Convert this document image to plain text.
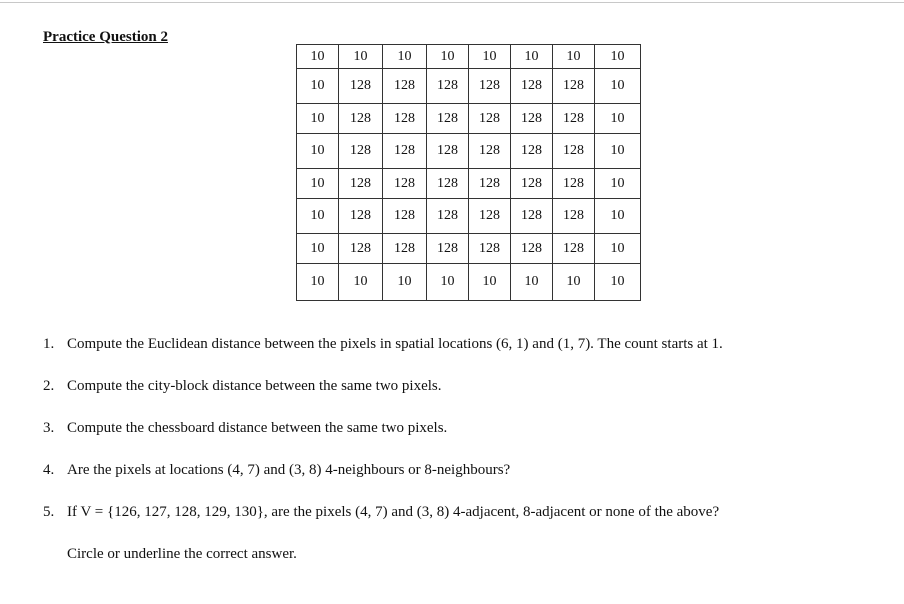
Practice Question 2
10	10	10	10	10	10	10	10
10	128	128	128	128	128	128	10
10	128	128	128	128	128	128	10
10	128	128	128	128	128	128	10
10	128	128	128	128	128	128	10
10	128	128	128	128	128	128	10
10	128	128	128	128	128	128	10
10	10	10	10	10	10	10	10
1. Compute the Euclidean distance between the pixels in spatial locations (6, 1) and (1, 7). The count starts at 1.
2. Compute the city-block distance between the same two pixels.
3. Compute the chessboard distance between the same two pixels.
4. Are the pixels at locations (4, 7) and (3, 8) 4-neighbours or 8-neighbours?
5. If V = {126, 127, 128, 129, 130}, are the pixels (4, 7) and (3, 8) 4-adjacent, 8-adjacent or none of the above?
Circle or underline the correct answer.
